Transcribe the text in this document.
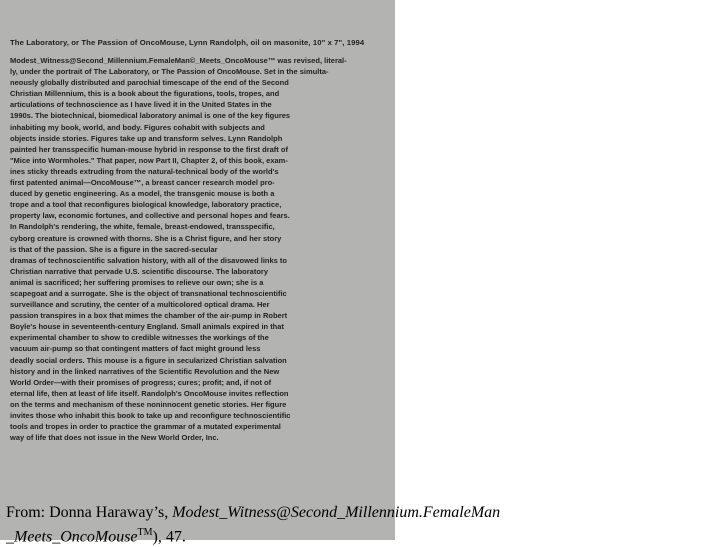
The Laboratory, or The Passion of OncoMouse, Lynn Randolph, oil on masonite, 10" x 7", 1994
Modest_Witness@Second_Millennium.FemaleMan©_Meets_OncoMouse™ was revised, literal-
ly, under the portrait of The Laboratory, or The Passion of OncoMouse. Set in the simulta-
neously globally distributed and parochial timescape of the end of the Second
Christian Millennium, this is a book about the figurations, tools, tropes, and
articulations of technoscience as I have lived it in the United States in the
1990s. The biotechnical, biomedical laboratory animal is one of the key figures
inhabiting my book, world, and body. Figures cohabit with subjects and
objects inside stories. Figures take up and transform selves. Lynn Randolph
painted her transspecific human-mouse hybrid in response to the first draft of
"Mice into Wormholes." That paper, now Part II, Chapter 2, of this book, exam-
ines sticky threads extruding from the natural-technical body of the world's
first patented animal—OncoMouse™, a breast cancer research model pro-
duced by genetic engineering. As a model, the transgenic mouse is both a
trope and a tool that reconfigures biological knowledge, laboratory practice,
property law, economic fortunes, and collective and personal hopes and fears.
In Randolph's rendering, the white, female, breast-endowed, transspecific,
cyborg creature is crowned with thorns. She is a Christ figure, and her story
is that of the passion. She is a figure in the sacred-secular
dramas of technoscientific salvation history, with all of the disavowed links to
Christian narrative that pervade U.S. scientific discourse. The laboratory
animal is sacrificed; her suffering promises to relieve our own; she is a
scapegoat and a surrogate. She is the object of transnational technoscientific
surveillance and scrutiny, the center of a multicolored optical drama. Her
passion transpires in a box that mimes the chamber of the air-pump in Robert
Boyle's house in seventeenth-century England. Small animals expired in that
experimental chamber to show to credible witnesses the workings of the
vacuum air-pump so that contingent matters of fact might ground less
deadly social orders. This mouse is a figure in secularized Christian salvation
history and in the linked narratives of the Scientific Revolution and the New
World Order—with their promises of progress; cures; profit; and, if not of
eternal life, then at least of life itself. Randolph's OncoMouse invites reflection
on the terms and mechanism of these noninnocent genetic stories. Her figure
invites those who inhabit this book to take up and reconfigure technoscientific
tools and tropes in order to practice the grammar of a mutated experimental
way of life that does not issue in the New World Order, Inc.
From: Donna Haraway’s, Modest_Witness@Second_Millennium.FemaleMan
_Meets_OncoMouse™), 47.
